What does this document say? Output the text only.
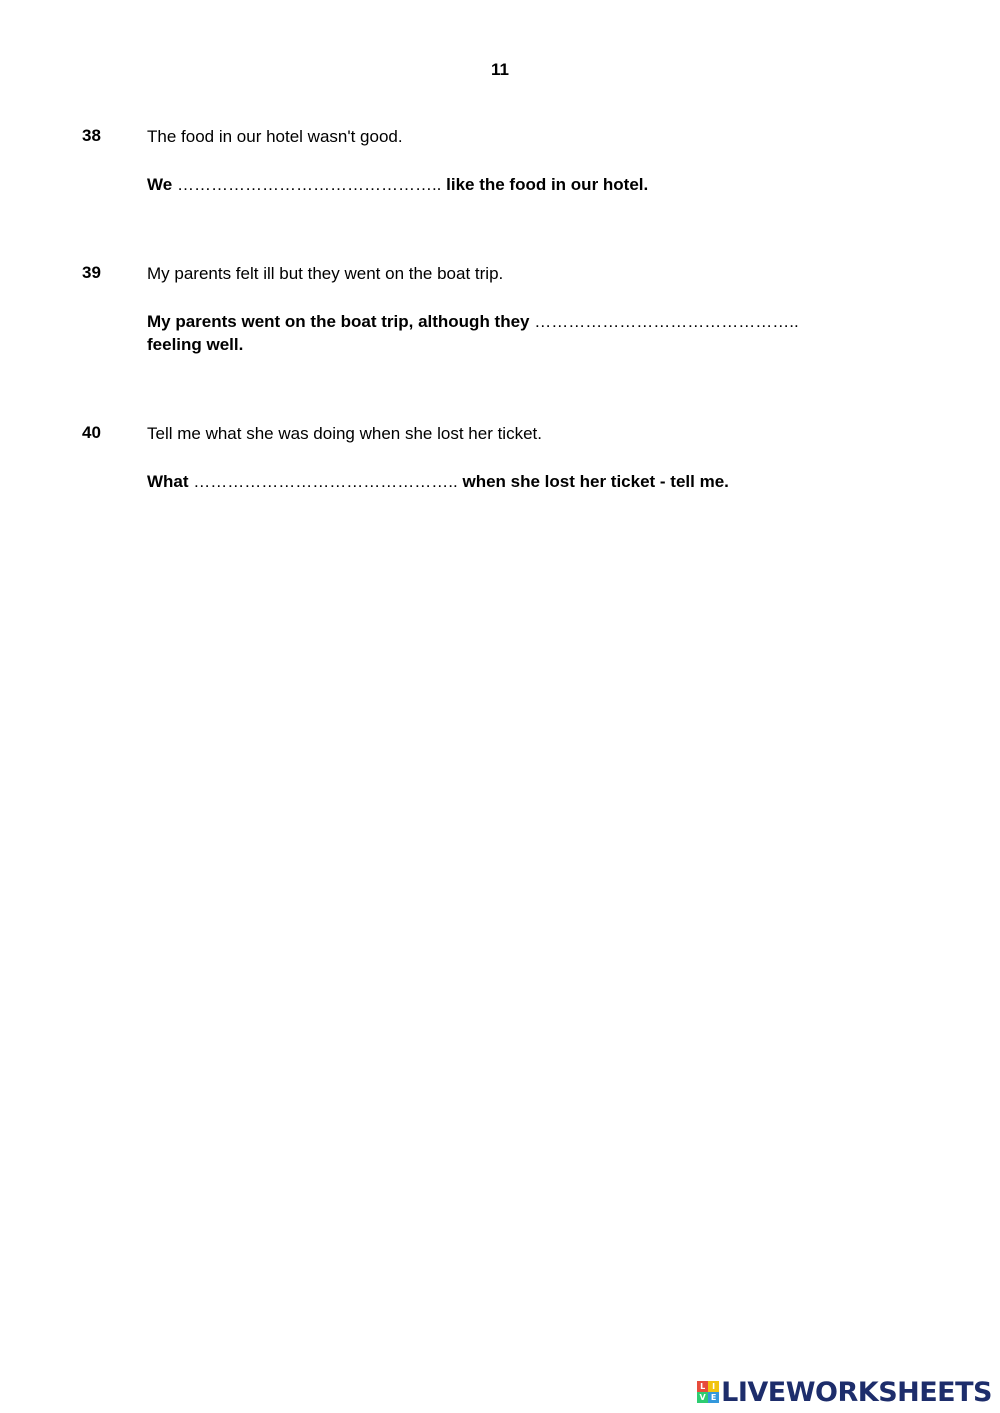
11
38	The food in our hotel wasn't good.

We ……………………………………….. like the food in our hotel.

39	My parents felt ill but they went on the boat trip.

My parents went on the boat trip, although they ………………………………………..
feeling well.

40	Tell me what she was doing when she lost her ticket.

What ……………………………………….. when she lost her ticket - tell me.

L I
V E LIVEWORKSHEETS
